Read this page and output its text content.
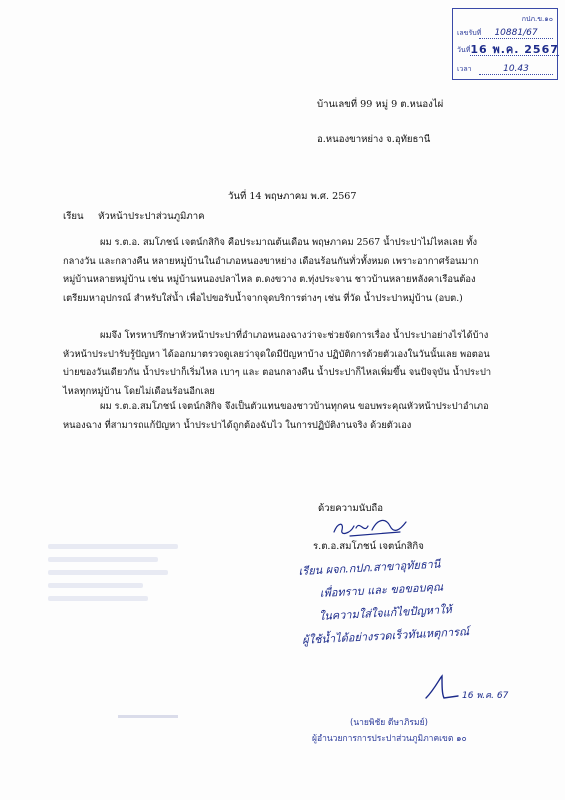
กปภ.ข.๑๐
เลขรับที่	10881/67
วันที่ 16 พ.ค. 2567
เวลา	10.43
บ้านเลขที่ 99 หมู่ 9 ต.หนองไผ่
อ.หนองขาหย่าง จ.อุทัยธานี
วันที่ 14 พฤษภาคม พ.ศ. 2567
เรียน หัวหน้าประปาส่วนภูมิภาค
ผม ร.ต.อ. สมโภชน์ เจตน์กสิกิจ คือประมาณต้นเดือน พฤษภาคม 2567 น้ำประปาไม่ไหลเลย ทั้ง
กลางวัน และกลางคืน หลายหมู่บ้านในอำเภอหนองขาหย่าง เดือนร้อนกันทั่วทั้งหมด เพราะอากาศร้อนมาก
หมู่บ้านหลายหมู่บ้าน เช่น หมู่บ้านหนองปลาไหล ต.ดงขวาง ต.ทุ่งประจาน ชาวบ้านหลายหลังคาเรือนต้อง
เตรียมหาอุปกรณ์ สำหรับใส่น้ำ เพื่อไปขอรับน้ำจากจุดบริการต่างๆ เช่น ที่วัด น้ำประปาหมู่บ้าน (อบต.)
ผมจึง โทรหาปรึกษาหัวหน้าประปาที่อำเภอหนองฉางว่าจะช่วยจัดการเรื่อง น้ำประปาอย่างไรได้บ้าง
หัวหน้าประปารับรู้ปัญหา ได้ออกมาตรวจดูเลยว่าจุดใดมีปัญหาบ้าง ปฏิบัติการด้วยตัวเองในวันนั้นเลย พอตอน
บ่ายของวันเดียวกัน น้ำประปาก็เริ่มไหล เบาๆ และ ตอนกลางคืน น้ำประปาก็ไหลเพิ่มขึ้น จนปัจจุบัน น้ำประปา
ไหลทุกหมู่บ้าน โดยไม่เดือนร้อนอีกเลย
ผม ร.ต.อ.สมโภชน์ เจตน์กสิกิจ จึงเป็นตัวแทนของชาวบ้านทุกคน ขอบพระคุณหัวหน้าประปาอำเภอ
หนองฉาง ที่สามารถแก้ปัญหา น้ำประปาได้ถูกต้องฉับไว ในการปฏิบัติงานจริง ด้วยตัวเอง
ด้วยความนับถือ
ร.ต.อ.สมโภชน์ เจตน์กสิกิจ
เรียน ผจก.กปภ.สาขาอุทัยธานี
เพื่อทราบ และ ขอขอบคุณ
ในความใส่ใจแก้ไขปัญหาให้
ผู้ใช้น้ำได้อย่างรวดเร็วทันเหตุการณ์
16 พ.ค. 67
(นายพิชัย ดีษาภิรมย์)
ผู้อำนวยการการประปาส่วนภูมิภาคเขต ๑๐
